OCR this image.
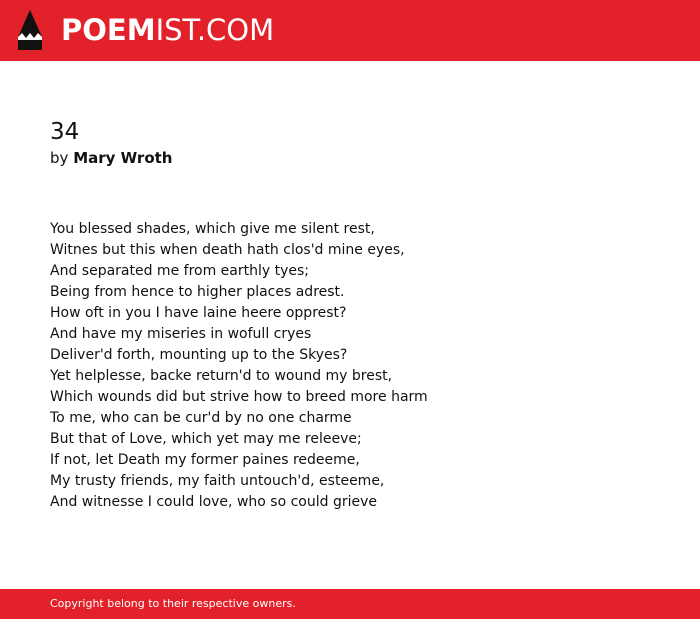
POEMIST.COM
34
by Mary Wroth
You blessed shades, which give me silent rest,
Witnes but this when death hath clos'd mine eyes,
And separated me from earthly tyes;
Being from hence to higher places adrest.
How oft in you I have laine heere opprest?
And have my miseries in wofull cryes
Deliver'd forth, mounting up to the Skyes?
Yet helplesse, backe return'd to wound my brest,
Which wounds did but strive how to breed more harm
To me, who can be cur'd by no one charme
But that of Love, which yet may me releeve;
If not, let Death my former paines redeeme,
My trusty friends, my faith untouch'd, esteeme,
And witnesse I could love, who so could grieve
Copyright belong to their respective owners.
